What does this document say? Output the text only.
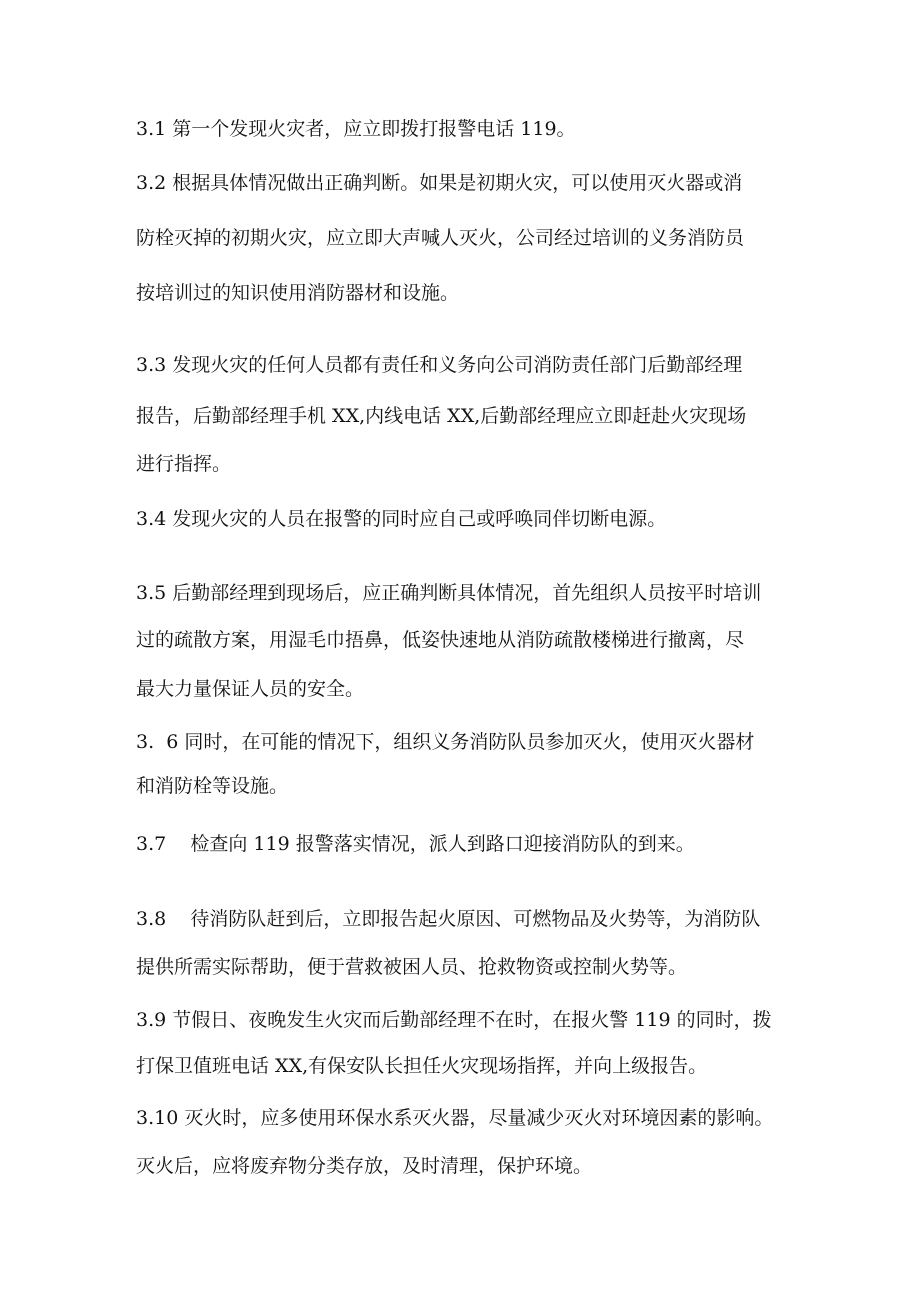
3.1 第一个发现火灾者，应立即拨打报警电话 119。

3.2 根据具体情况做出正确判断。如果是初期火灾，可以使用灭火器或消

防栓灭掉的初期火灾，应立即大声喊人灭火，公司经过培训的义务消防员

按培训过的知识使用消防器材和设施。

3.3 发现火灾的任何人员都有责任和义务向公司消防责任部门后勤部经理

报告，后勤部经理手机 XX,内线电话 XX,后勤部经理应立即赶赴火灾现场

进行指挥。

3.4 发现火灾的人员在报警的同时应自己或呼唤同伴切断电源。

3.5 后勤部经理到现场后，应正确判断具体情况，首先组织人员按平时培训

过的疏散方案，用湿毛巾捂鼻，低姿快速地从消防疏散楼梯进行撤离，尽

最大力量保证人员的安全。

3.  6 同时，在可能的情况下，组织义务消防队员参加灭火，使用灭火器材

和消防栓等设施。

3.7    检查向 119 报警落实情况，派人到路口迎接消防队的到来。

3.8    待消防队赶到后，立即报告起火原因、可燃物品及火势等，为消防队

提供所需实际帮助，便于营救被困人员、抢救物资或控制火势等。

3.9 节假日、夜晚发生火灾而后勤部经理不在时，在报火警 119 的同时，拨

打保卫值班电话 XX,有保安队长担任火灾现场指挥，并向上级报告。

3.10 灭火时，应多使用环保水系灭火器，尽量减少灭火对环境因素的影响。

灭火后，应将废弃物分类存放，及时清理，保护环境。
